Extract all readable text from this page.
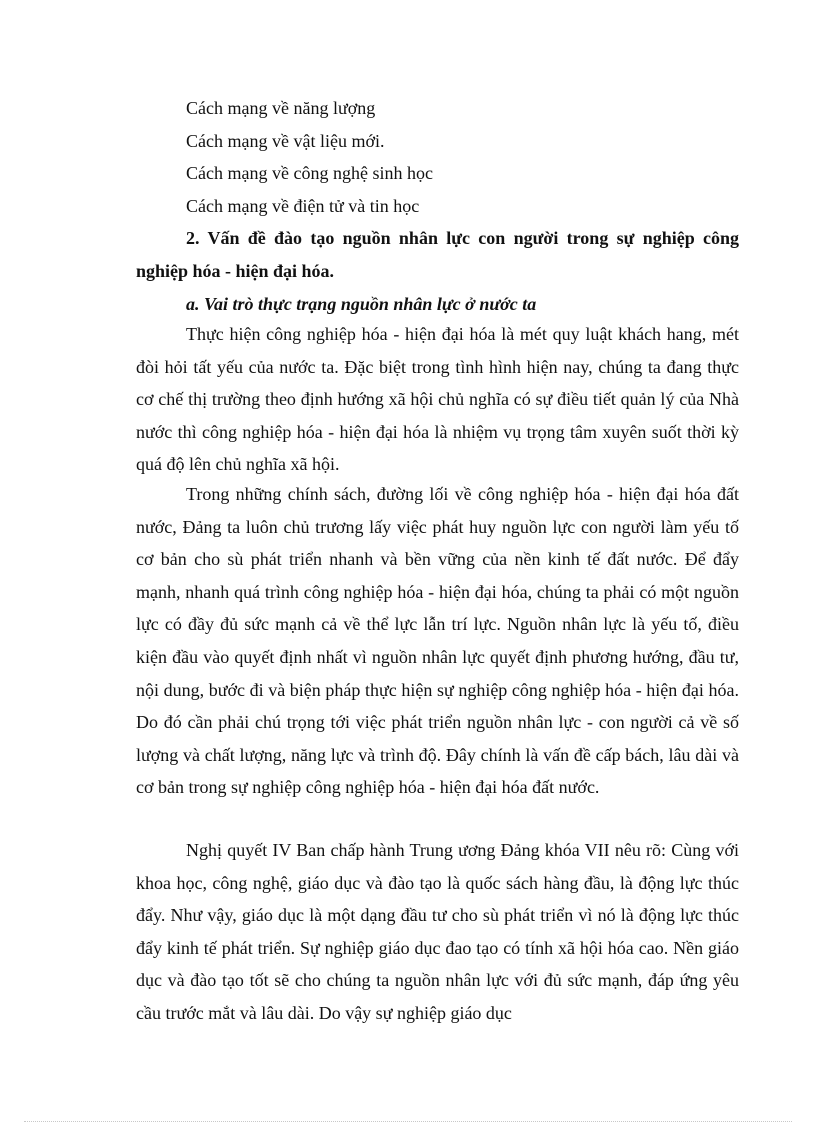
Cách mạng về năng lượng

Cách mạng về vật liệu mới.

Cách mạng về công nghệ sinh học

Cách mạng về điện tử và tin học

2. Vấn đề đào tạo nguồn nhân lực con người trong sự nghiệp công nghiệp hóa - hiện đại hóa.

a. Vai trò thực trạng nguồn nhân lực ở nước ta

Thực hiện công nghiệp hóa - hiện đại hóa là mét quy luật khách hang, mét đòi hỏi tất yếu của nước ta. Đặc biệt trong tình hình hiện nay, chúng ta đang thực cơ chế thị trường theo định hướng xã hội chủ nghĩa có sự điều tiết quản lý của Nhà nước thì công nghiệp hóa - hiện đại hóa là nhiệm vụ trọng tâm xuyên suốt thời kỳ quá độ lên chủ nghĩa xã hội.

Trong những chính sách, đường lối về công nghiệp hóa - hiện đại hóa đất nước, Đảng ta luôn chủ trương lấy việc phát huy nguồn lực con người làm yếu tố cơ bản cho sù phát triển nhanh và bền vững của nền kinh tế đất nước. Để đẩy mạnh, nhanh quá trình công nghiệp hóa - hiện đại hóa, chúng ta phải có một nguồn lực có đầy đủ sức mạnh cả về thể lực lẫn trí lực. Nguồn nhân lực là yếu tố, điều kiện đầu vào quyết định nhất vì nguồn nhân lực quyết định phương hướng, đầu tư, nội dung, bước đi và biện pháp thực hiện sự nghiệp công nghiệp hóa - hiện đại hóa. Do đó cần phải chú trọng tới việc phát triển nguồn nhân lực - con người cả về số lượng và chất lượng, năng lực và trình độ. Đây chính là vấn đề cấp bách, lâu dài và cơ bản trong sự nghiệp công nghiệp hóa - hiện đại hóa đất nước.

Nghị quyết IV Ban chấp hành Trung ương Đảng khóa VII nêu rõ: Cùng với khoa học, công nghệ, giáo dục và đào tạo là quốc sách hàng đầu, là động lực thúc đẩy. Như vậy, giáo dục là một dạng đầu tư cho sù phát triển vì nó là động lực thúc đẩy kinh tế phát triển. Sự nghiệp giáo dục đao tạo có tính xã hội hóa cao. Nền giáo dục và đào tạo tốt sẽ cho chúng ta nguồn nhân lực với đủ sức mạnh, đáp ứng yêu cầu trước mắt và lâu dài. Do vậy sự nghiệp giáo dục
